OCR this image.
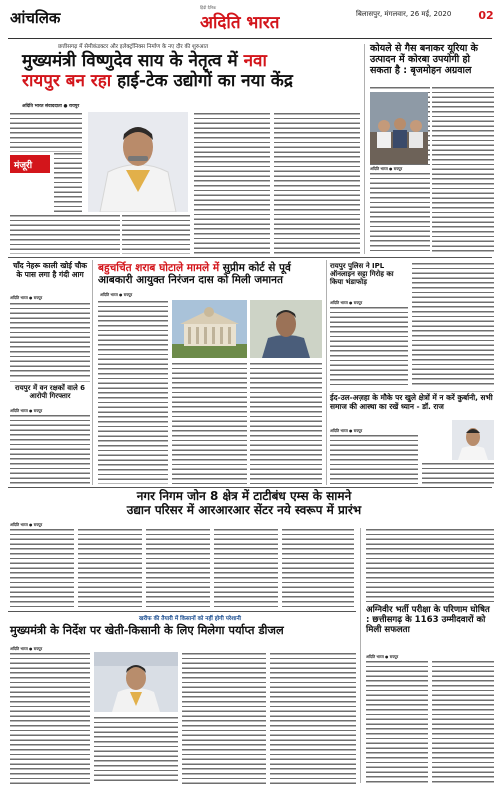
आंचलिक
हिंदी दैनिक
अदिति भारत	बिलासपुर, मंगलवार, 26 मई, 2020 02
छत्तीसगढ़ में सेमीकंडक्टर और इलेक्ट्रॉनिक्स निर्माण के नए दौर की शुरुआत
मुख्यमंत्री विष्णुदेव साय के नेतृत्व में नवा
रायपुर बन रहा हाई-टेक उद्योगों का नया केंद्र
अदिति भारत संवाददाता ● रायपुर
मंजूरी
कोयले से गैस बनाकर यूरिया के उत्पादन में कोरबा उपयोगी हो सकता है : बृजमोहन अग्रवाल
अदिति भारत ● रायपुर
चाँद नेहरू काली खोई चौक के पास लगा है गंदी आग
अदिति भारत ● रायपुर
रायपुर में वन रक्षकों वाले 6 आरोपी गिरफ्तार
अदिति भारत ● रायपुर
बहुचर्चित शराब घोटाले मामले में सुप्रीम कोर्ट से पूर्व
आबकारी आयुक्त निरंजन दास को मिली जमानत
अदिति भारत ● रायपुर
रायपुर पुलिस ने IPL ऑनलाइन सट्टा गिरोह का किया भंडाफोड़
अदिति भारत ● रायपुर
ईद-उल-अज़हा के मौके पर खुले क्षेत्रों में न करें कुर्बानी, सभी समाज की आस्था का रखें ध्यान - डॉ. राज
अदिति भारत ● रायपुर
नगर निगम जोन 8 क्षेत्र में टाटीबंध एम्स के सामने
उद्यान परिसर में आरआरआर सेंटर नये स्वरूप में प्रारंभ
अदिति भारत ● रायपुर
अग्निवीर भर्ती परीक्षा के परिणाम घोषित : छत्तीसगढ़ के 1163 उम्मीदवारों को मिली सफलता
अदिति भारत ● रायपुर
खरीफ की तैयारी में किसानों को नहीं होगी परेशानी
मुख्यमंत्री के निर्देश पर खेती-किसानी के लिए मिलेगा पर्याप्त डीजल
अदिति भारत ● रायपुर
